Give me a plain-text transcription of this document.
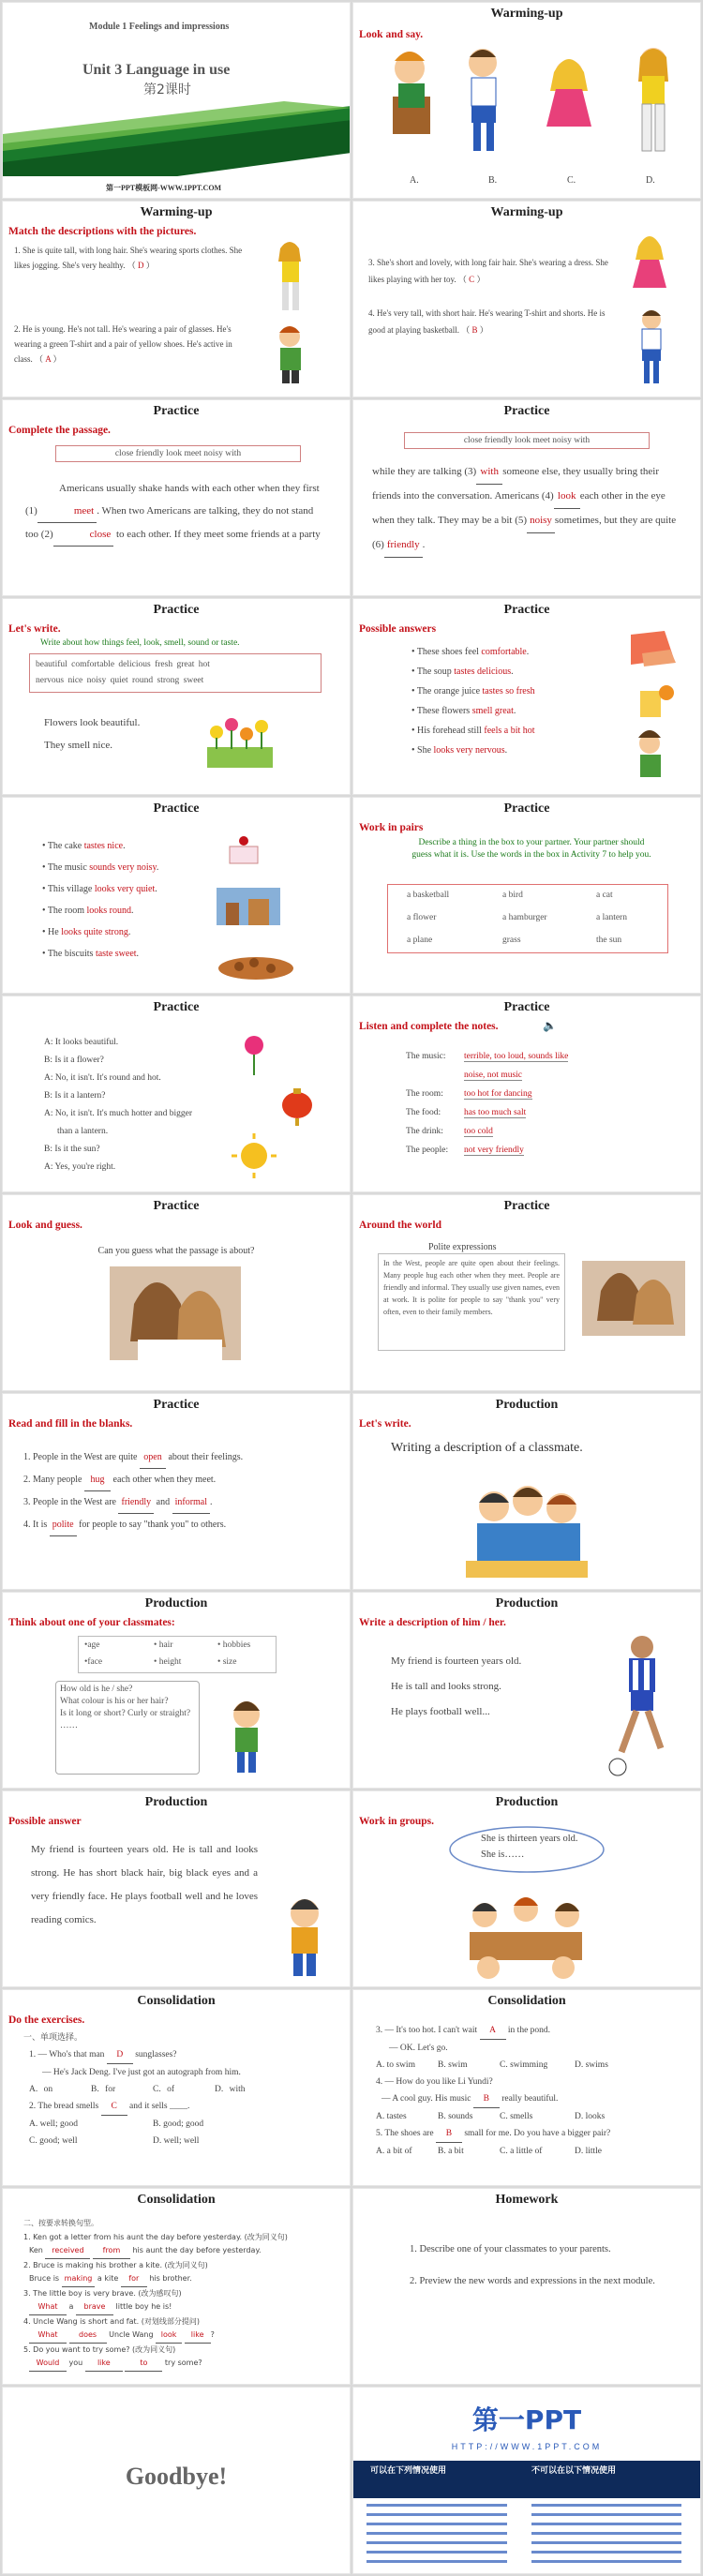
Module 1 Feelings and impressions
Unit 3 Language in use
第2课时
第一PPT模板网-WWW.1PPT.COM
Warming-up
Look and say.
A.	B.	C.	D.
Warming-up
Match the descriptions with the pictures.
1. She is quite tall, with long hair. She's wearing sports clothes. She likes jogging. She's very healthy. （ D ）
2. He is young. He's not tall. He's wearing a pair of glasses. He's wearing a green T-shirt and a pair of yellow shoes. He's active in class. （ A ）
Warming-up
3. She's short and lovely, with long fair hair. She's wearing a dress. She likes playing with her toy. （ C ）
4. He's very tall, with short hair. He's wearing T-shirt and shorts. He is good at playing basketball. （ B ）
Practice
Complete the passage.
close friendly look meet noisy with
Americans usually shake hands with each other when they first (1)	meet . When two Americans are talking, they do not stand too (2)	close to each other. If they meet some friends at a party
Practice
close friendly look meet noisy with
while they are talking (3) with someone else, they usually bring their friends into the conversation. Americans (4) look each other in the eye when they talk. They may be a bit (5) noisy sometimes, but they are quite (6) friendly .
Practice
Let's write.
Write about how things feel, look, smell, sound or taste.
beautiful comfortable delicious fresh great hot
nervous nice noisy quiet round strong sweet
Flowers look beautiful.
They smell nice.
Practice
Possible answers
• These shoes feel comfortable.
• The soup tastes delicious.
• The orange juice tastes so fresh
• These flowers smell great.
• His forehead still feels a bit hot
• She looks very nervous.
Practice
• The cake tastes nice.
• The music sounds very noisy.
• This village looks very quiet.
• The room looks round.
• He looks quite strong.
• The biscuits taste sweet.
Practice
Work in pairs
Describe a thing in the box to your partner. Your partner should guess what it is. Use the words in the box in Activity 7 to help you.
a basketball	a bird	a cat
a flower	a hamburger	a lantern
a plane	grass	the sun
Practice
A: It looks beautiful.
B: Is it a flower?
A: No, it isn't. It's round and hot.
B: Is it a lantern?
A: No, it isn't. It's much hotter and bigger
than a lantern.
B: Is it the sun?
A: Yes, you're right.
Practice
Listen and complete the notes.	🔈
The music: terrible, too loud, sounds like
noise, not music
The room: too hot for dancing
The food:	has too much salt
The drink: too cold
The people: not very friendly
Practice
Look and guess.
Can you guess what the passage is about?
Practice
Around the world
Polite expressions
In the West, people are quite open about their feelings. Many people hug each other when they meet. People are friendly and informal. They usually use given names, even at work. It is polite for people to say "thank you" very often, even to their family members.
Practice
Read and fill in the blanks.
1. People in the West are quite open about their feelings.
2. Many people hug each other when they meet.
3. People in the West are friendly and informal .
4. It is polite for people to say "thank you" to others.
Production
Let's write.
Writing a description of a classmate.
Production
Think about one of your classmates:
•age	• hair	• hobbies
•face	• height	• size
How old is he / she?
What colour is his or her hair?
Is it long or short? Curly or straight?
……
Production
Write a description of him / her.
My friend is fourteen years old.
He is tall and looks strong.
He plays football well...
Production
Possible answer
My friend is fourteen years old. He is tall and looks strong. He has short black hair, big black eyes and a very friendly face. He plays football well and he loves reading comics.
Production
Work in groups.
She is thirteen years old.
She is……
Consolidation
Do the exercises.
一、单项选择。
1. — Who's that man D sunglasses?
— He's Jack Deng. I've just got an autograph from him.
A. on	B. for	C. of	D. with
2. The bread smells C and it sells ____.
A. well; good	B. good; good
C. good; well	D. well; well
Consolidation
3. — It's too hot. I can't wait A in the pond.
— OK. Let's go.
A. to swim	B. swim	C. swimming	D. swims
4. — How do you like Li Yundi?
— A cool guy. His music B really beautiful.
A. tastes	B. sounds	C. smells	D. looks
5. The shoes are B small for me. Do you have a bigger pair?
A. a bit of	B. a bit	C. a little of	D. little
Consolidation
二、按要求转换句型。
1. Ken got a letter from his aunt the day before yesterday. (改为同义句)
Ken received	from his aunt the day before yesterday.
2. Bruce is making his brother a kite. (改为同义句)
Bruce is making a kite for his brother.
3. The little boy is very brave. (改为感叹句)
What a brave little boy he is!
4. Uncle Wang is short and fat. (对划线部分提问)
What	does Uncle Wang look like ?
5. Do you want to try some? (改为同义句)
Would you like	to try some?
Homework
1. Describe one of your classmates to your parents.
2. Preview the new words and expressions in the next module.
Goodbye!
第一PPT
HTTP://WWW.1PPT.COM
可以在下列情况使用	不可以在以下情况使用
